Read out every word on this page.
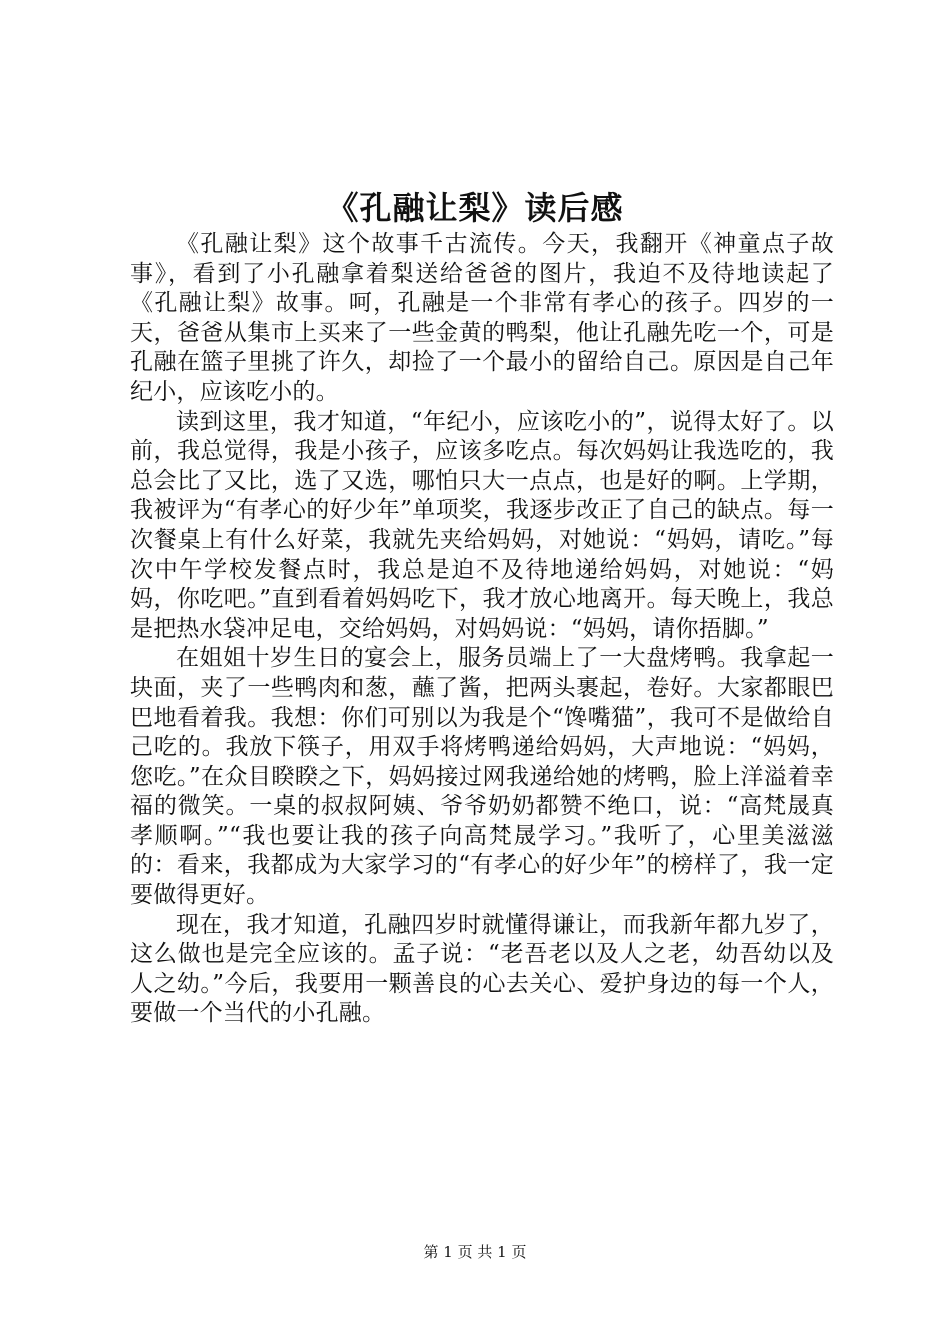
《孔融让梨》读后感

《孔融让梨》这个故事千古流传。今天，我翻开《神童点子故事》，看到了小孔融拿着梨送给爸爸的图片，我迫不及待地读起了《孔融让梨》故事。呵，孔融是一个非常有孝心的孩子。四岁的一天，爸爸从集市上买来了一些金黄的鸭梨，他让孔融先吃一个，可是孔融在篮子里挑了许久，却捡了一个最小的留给自己。原因是自己年纪小，应该吃小的。

读到这里，我才知道，“年纪小，应该吃小的”，说得太好了。以前，我总觉得，我是小孩子，应该多吃点。每次妈妈让我选吃的，我总会比了又比，选了又选，哪怕只大一点点，也是好的啊。上学期，我被评为“有孝心的好少年”单项奖，我逐步改正了自己的缺点。每一次餐桌上有什么好菜，我就先夹给妈妈，对她说：“妈妈，请吃。”每次中午学校发餐点时，我总是迫不及待地递给妈妈，对她说：“妈妈，你吃吧。”直到看着妈妈吃下，我才放心地离开。每天晚上，我总是把热水袋冲足电，交给妈妈，对妈妈说：“妈妈，请你捂脚。”

在姐姐十岁生日的宴会上，服务员端上了一大盘烤鸭。我拿起一块面，夹了一些鸭肉和葱，蘸了酱，把两头裹起，卷好。大家都眼巴巴地看着我。我想：你们可别以为我是个“馋嘴猫”，我可不是做给自己吃的。我放下筷子，用双手将烤鸭递给妈妈，大声地说：“妈妈，您吃。”在众目睽睽之下，妈妈接过网我递给她的烤鸭，脸上洋溢着幸福的微笑。一桌的叔叔阿姨、爷爷奶奶都赞不绝口，说：“高梵晟真孝顺啊。”“我也要让我的孩子向高梵晟学习。”我听了，心里美滋滋的：看来，我都成为大家学习的“有孝心的好少年”的榜样了，我一定要做得更好。

现在，我才知道，孔融四岁时就懂得谦让，而我新年都九岁了，这么做也是完全应该的。孟子说：“老吾老以及人之老，幼吾幼以及人之幼。”今后，我要用一颗善良的心去关心、爱护身边的每一个人，要做一个当代的小孔融。

第 1 页 共 1 页
